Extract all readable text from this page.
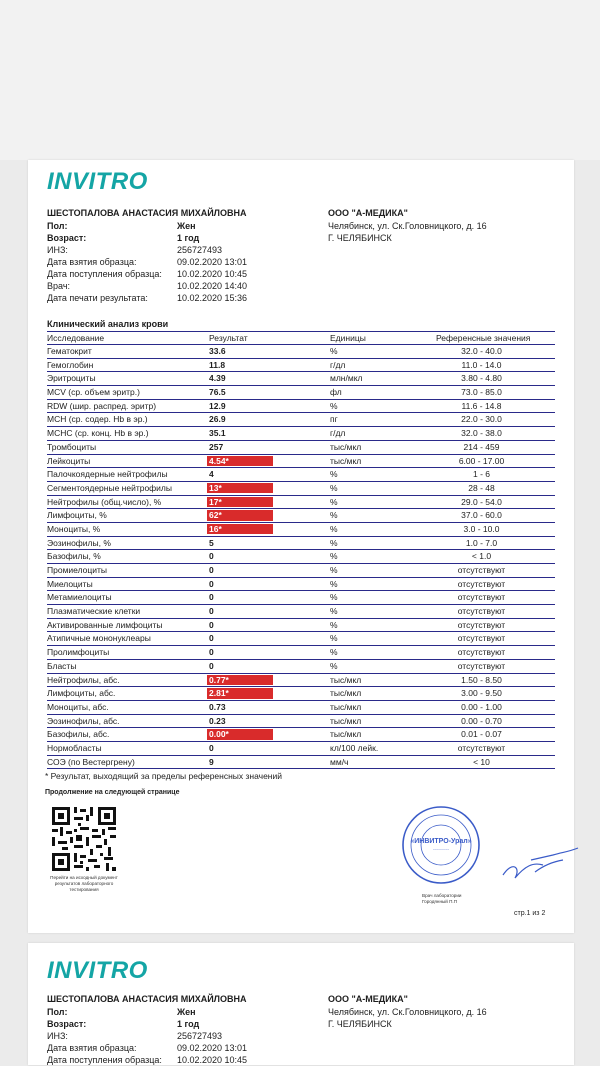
INVITRO
ШЕСТОПАЛОВА АНАСТАСИЯ МИХАЙЛОВНА
Пол:	Жен
Возраст:	1 год
ИНЗ:	256727493
Дата взятия образца:	09.02.2020 13:01
Дата поступления образца:	10.02.2020 10:45
Врач:	10.02.2020 14:40
Дата печати результата:	10.02.2020 15:36
ООО "А-МЕДИКА"
Челябинск, ул. Ск.Головницкого, д. 16
Г. ЧЕЛЯБИНСК
Клинический анализ крови
Исследование	Результат	Единицы	Референсные значения
Гематокрит	33.6	%	32.0 - 40.0
Гемоглобин	11.8	г/дл	11.0 - 14.0
Эритроциты	4.39	млн/мкл	3.80 - 4.80
MCV (ср. объем эритр.)	76.5	фл	73.0 - 85.0
RDW (шир. распред. эритр)	12.9	%	11.6 - 14.8
MCH (ср. содер. Hb в эр.)	26.9	пг	22.0 - 30.0
MCHC (ср. конц. Hb в эр.)	35.1	г/дл	32.0 - 38.0
Тромбоциты	257	тыс/мкл	214 - 459
Лейкоциты	4.54*	тыс/мкл	6.00 - 17.00
Палочкоядерные нейтрофилы	4	%	1 - 6
Сегментоядерные нейтрофилы	13*	%	28 - 48
Нейтрофилы (общ.число), %	17*	%	29.0 - 54.0
Лимфоциты, %	62*	%	37.0 - 60.0
Моноциты, %	16*	%	3.0 - 10.0
Эозинофилы, %	5	%	1.0 - 7.0
Базофилы, %	0	%	< 1.0
Промиелоциты	0	%	отсутствуют
Миелоциты	0	%	отсутствуют
Метамиелоциты	0	%	отсутствуют
Плазматические клетки	0	%	отсутствуют
Активированные лимфоциты	0	%	отсутствуют
Атипичные мононуклеары	0	%	отсутствуют
Пролимфоциты	0	%	отсутствуют
Бласты	0	%	отсутствуют
Нейтрофилы, абс.	0.77*	тыс/мкл	1.50 - 8.50
Лимфоциты, абс.	2.81*	тыс/мкл	3.00 - 9.50
Моноциты, абс.	0.73	тыс/мкл	0.00 - 1.00
Эозинофилы, абс.	0.23	тыс/мкл	0.00 - 0.70
Базофилы, абс.	0.00*	тыс/мкл	0.01 - 0.07
Нормобласты	0	кл/100 лейк.	отсутствуют
СОЭ (по Вестергрену)	9	мм/ч	< 10
* Результат, выходящий за пределы референсных значений
Продолжение на следующей странице
Перейти на исходный документ результатов лабораторного тестирования
«ИНВИТРО-Урал»
~~~~~~~~
Врач лаборатории Городянный П.П
стр.1 из 2
INVITRO
ШЕСТОПАЛОВА АНАСТАСИЯ МИХАЙЛОВНА
Пол:	Жен
Возраст:	1 год
ИНЗ:	256727493
Дата взятия образца:	09.02.2020 13:01
Дата поступления образца:	10.02.2020 10:45
ООО "А-МЕДИКА"
Челябинск, ул. Ск.Головницкого, д. 16
Г. ЧЕЛЯБИНСК
